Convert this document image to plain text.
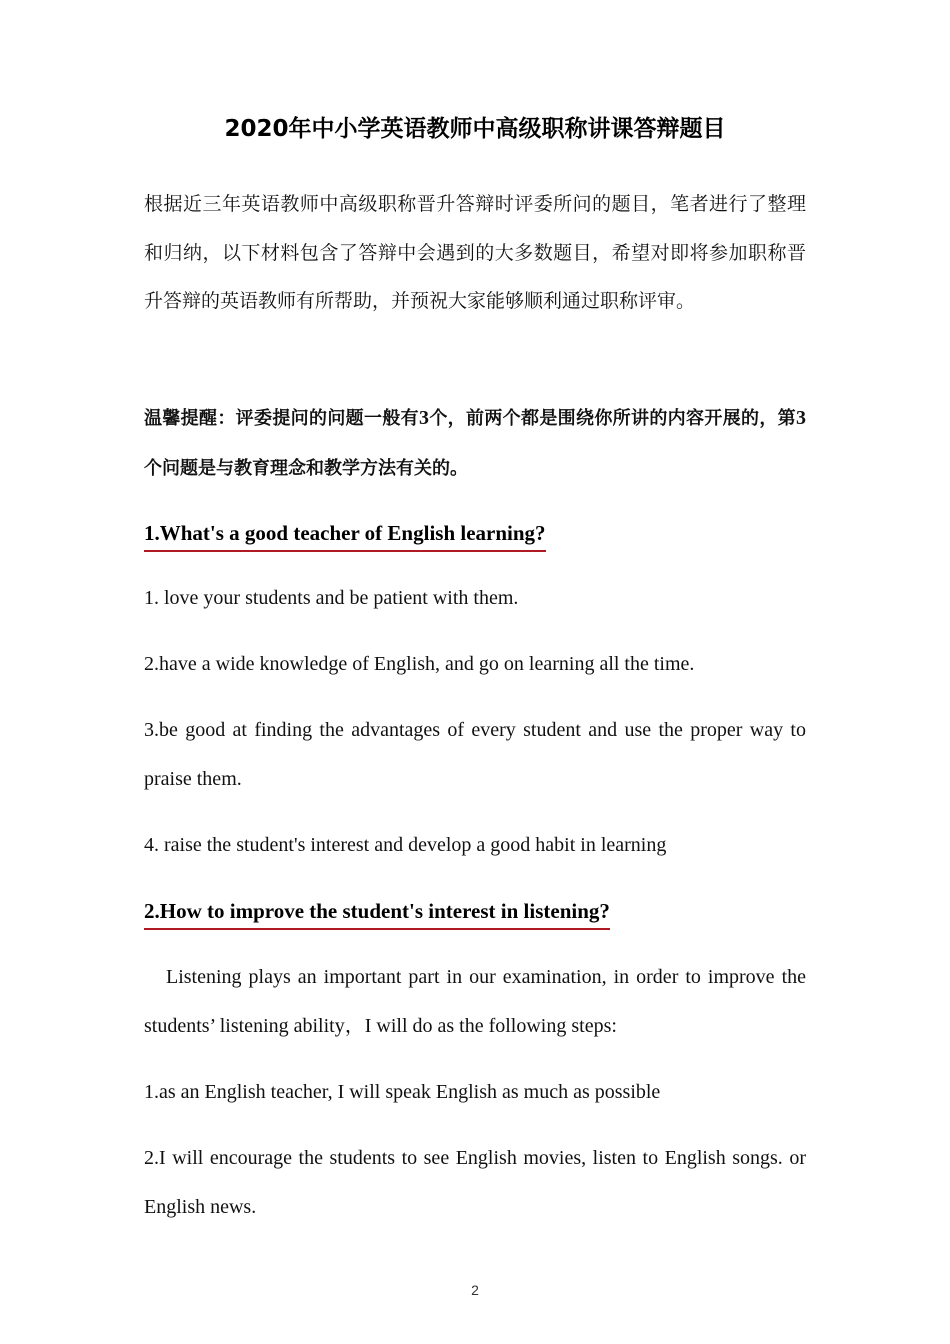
2020年中小学英语教师中高级职称讲课答辩题目
根据近三年英语教师中高级职称晋升答辩时评委所问的题目，笔者进行了整理和归纳，以下材料包含了答辩中会遇到的大多数题目，希望对即将参加职称晋升答辩的英语教师有所帮助，并预祝大家能够顺利通过职称评审。
温馨提醒：评委提问的问题一般有3个，前两个都是围绕你所讲的内容开展的，第3个问题是与教育理念和教学方法有关的。
1.What's a good teacher of English learning?
1. love your students and be patient with them.
2.have a wide knowledge of English, and go on learning all the time.
3.be good at finding the advantages of every student and use the proper way to praise them.
4. raise the student's interest and develop a good habit in learning
2.How to improve the student's interest in listening?
Listening plays an important part in our examination, in order to improve the students’ listening ability，I will do as the following steps:
1.as an English teacher, I will speak English as much as possible
2.I will encourage the students to see English movies, listen to English songs. or English news.
2
